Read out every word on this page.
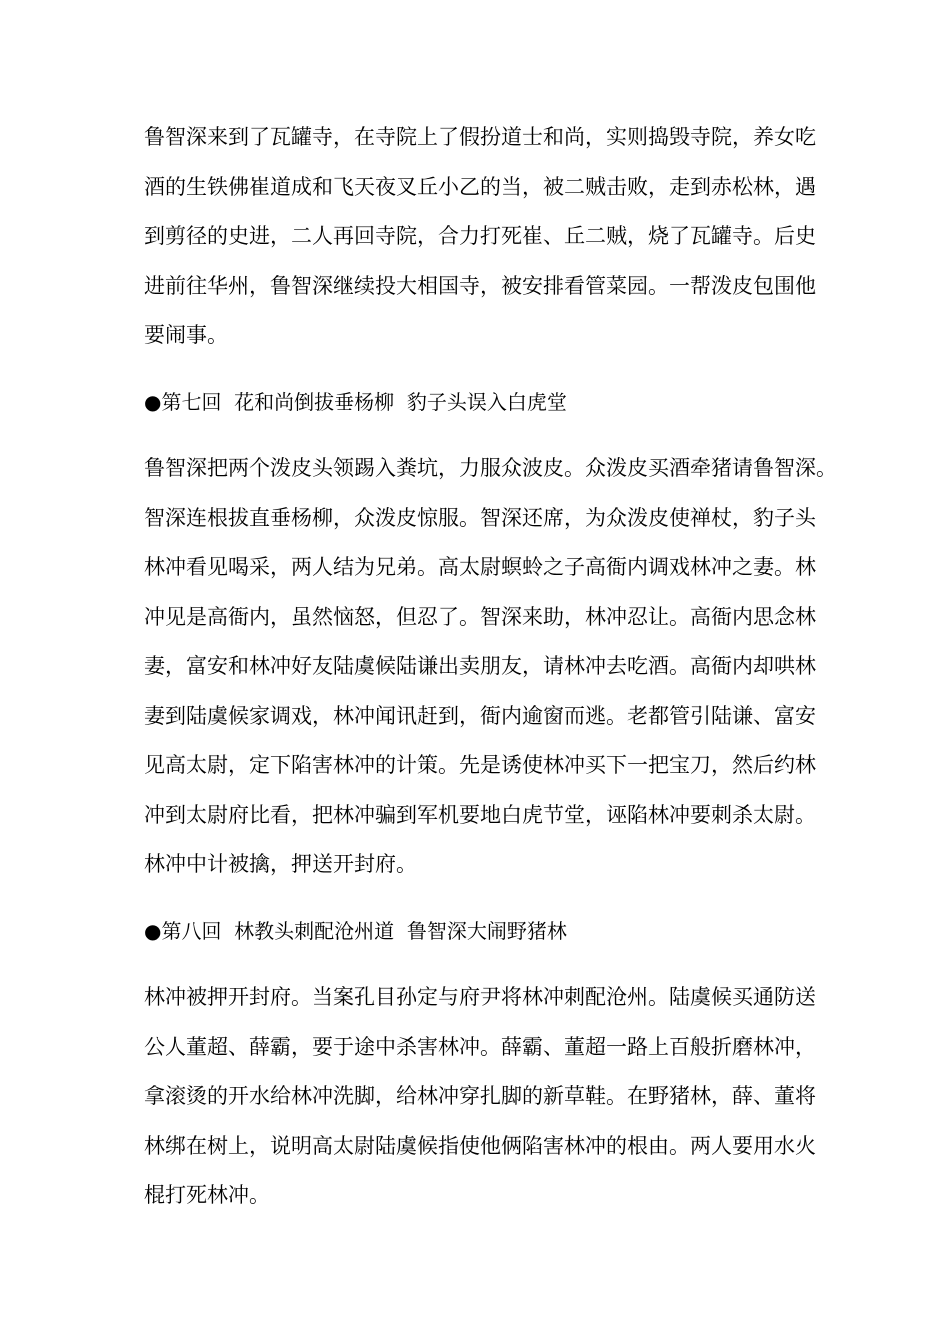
鲁智深来到了瓦罐寺，在寺院上了假扮道士和尚，实则捣毁寺院，养女吃
酒的生铁佛崔道成和飞天夜叉丘小乙的当，被二贼击败，走到赤松林，遇
到剪径的史进，二人再回寺院，合力打死崔、丘二贼，烧了瓦罐寺。后史
进前往华州，鲁智深继续投大相国寺，被安排看管菜园。一帮泼皮包围他
要闹事。
●第七回  花和尚倒拔垂杨柳  豹子头误入白虎堂
鲁智深把两个泼皮头领踢入粪坑，力服众波皮。众泼皮买酒牵猪请鲁智深。
智深连根拔直垂杨柳，众泼皮惊服。智深还席，为众泼皮使禅杖，豹子头
林冲看见喝采，两人结为兄弟。高太尉螟蛉之子高衙内调戏林冲之妻。林
冲见是高衙内，虽然恼怒，但忍了。智深来助，林冲忍让。高衙内思念林
妻，富安和林冲好友陆虞候陆谦出卖朋友，请林冲去吃酒。高衙内却哄林
妻到陆虞候家调戏，林冲闻讯赶到，衙内逾窗而逃。老都管引陆谦、富安
见高太尉，定下陷害林冲的计策。先是诱使林冲买下一把宝刀，然后约林
冲到太尉府比看，把林冲骗到军机要地白虎节堂，诬陷林冲要刺杀太尉。
林冲中计被擒，押送开封府。
●第八回  林教头刺配沧州道  鲁智深大闹野猪林
林冲被押开封府。当案孔目孙定与府尹将林冲刺配沧州。陆虞候买通防送
公人董超、薛霸，要于途中杀害林冲。薛霸、董超一路上百般折磨林冲，
拿滚烫的开水给林冲洗脚，给林冲穿扎脚的新草鞋。在野猪林，薛、董将
林绑在树上，说明高太尉陆虞候指使他俩陷害林冲的根由。两人要用水火
棍打死林冲。
